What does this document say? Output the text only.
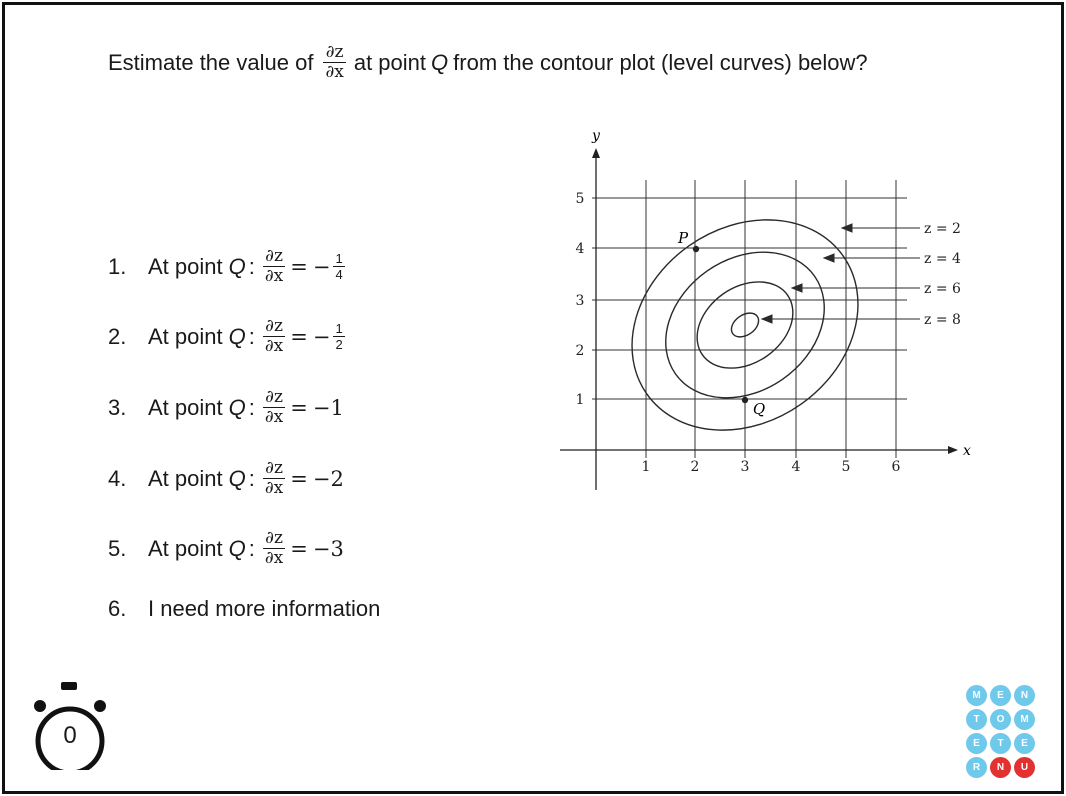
Estimate the value of $\frac{\partial z}{\partial x}$ at point Q from the contour plot (level curves) below?
1. At point Q : $\frac{\partial z}{\partial x}$ = − $\frac{1}{4}$
2. At point Q : $\frac{\partial z}{\partial x}$ = − $\frac{1}{2}$
3. At point Q : $\frac{\partial z}{\partial x} = -1$
4. At point Q : $\frac{\partial z}{\partial x} = -2$
5. At point Q : $\frac{\partial z}{\partial x} = -3$
6. I need more information
y
x
1	2	3	4	5	6
1
2
3
4
5
z = 2
z = 4
z = 6
z = 8
P
Q
0
M	E	N
T	O	M
E	T	E
R	N	U
